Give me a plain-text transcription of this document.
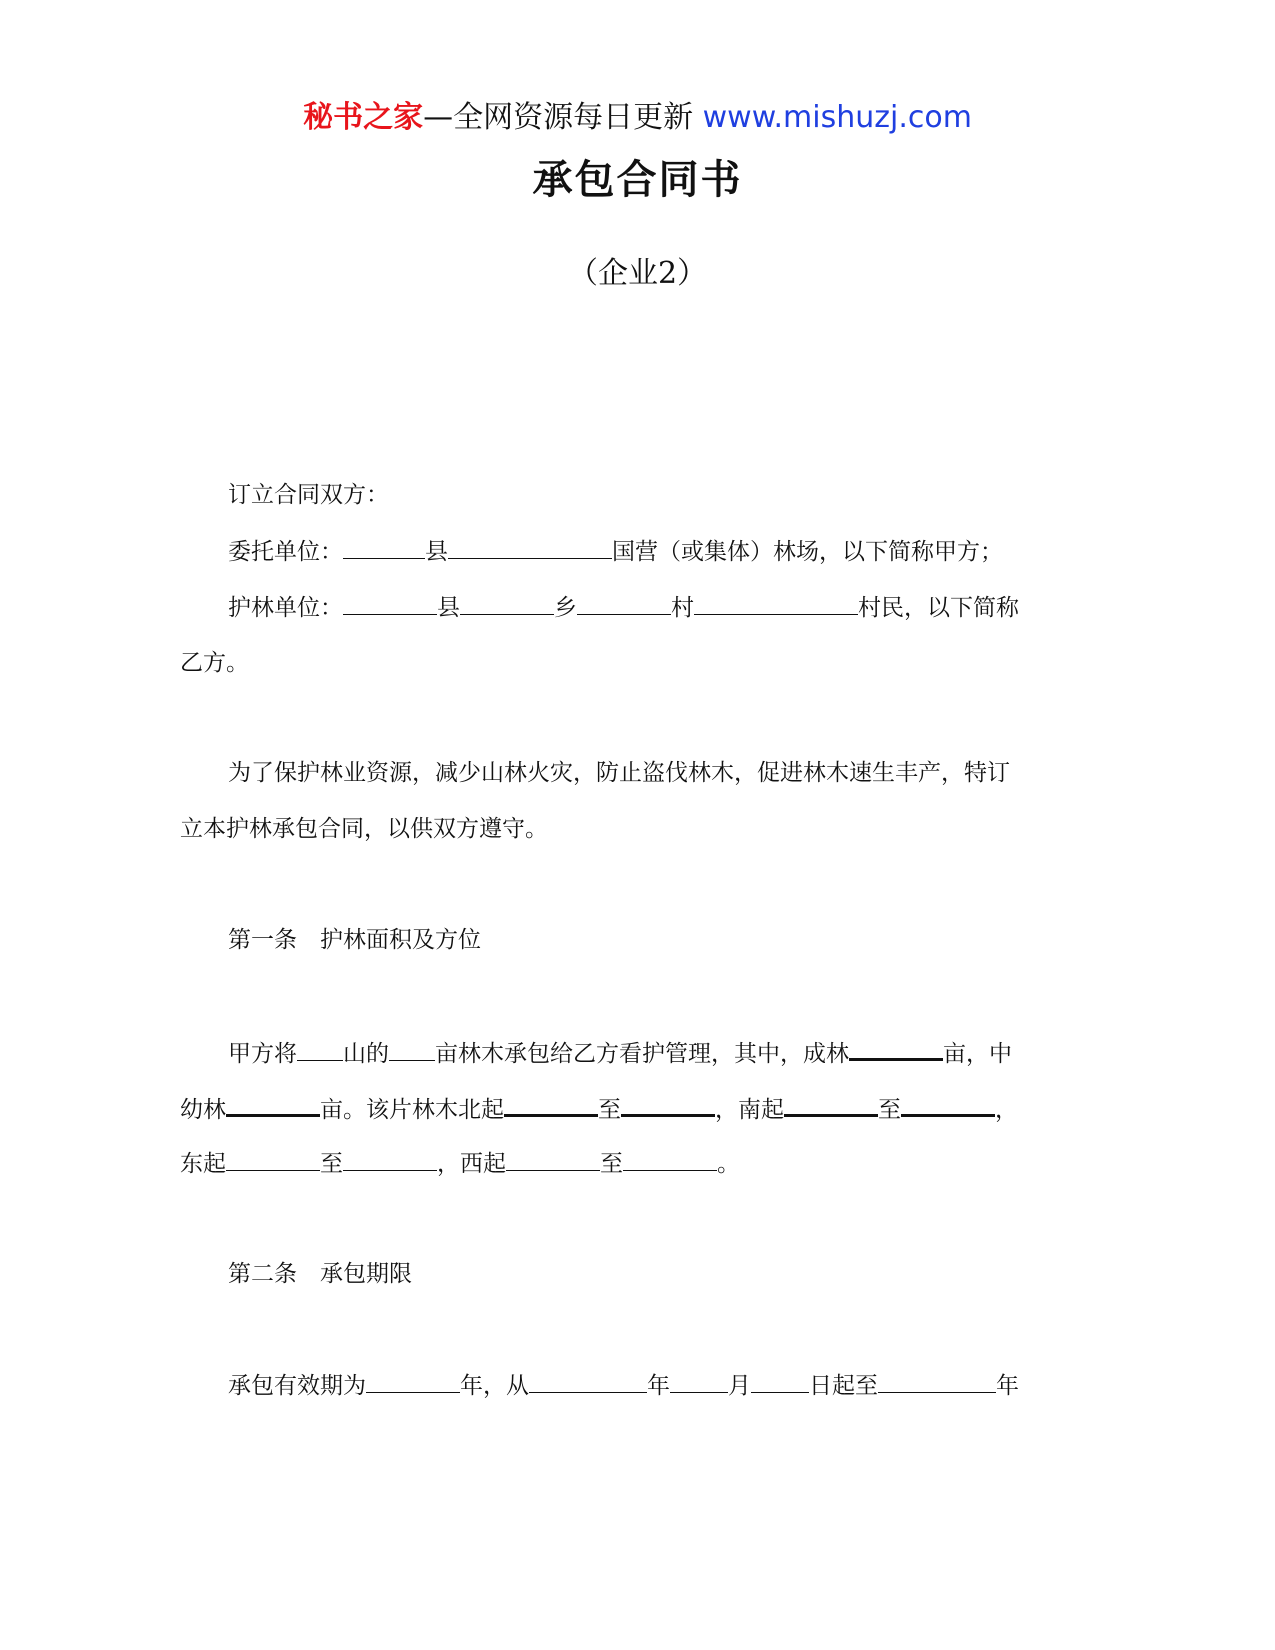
秘书之家—全网资源每日更新 www.mishuzj.com
承包合同书
（企业2）
订立合同双方：
委托单位：	县	国营（或集体）林场，以下简称甲方；
护林单位：	县	乡	村	村民，以下简称
乙方。
为了保护林业资源，减少山林火灾，防止盗伐林木，促进林木速生丰产，特订
立本护林承包合同，以供双方遵守。
第一条　护林面积及方位
甲方将 山的 亩林木承包给乙方看护管理，其中，成林	亩，中
幼林	亩。该片林木北起	至	，南起	至	，
东起	至	，西起	至	。
第二条　承包期限
承包有效期为	年，从	年	月	日起至	年
